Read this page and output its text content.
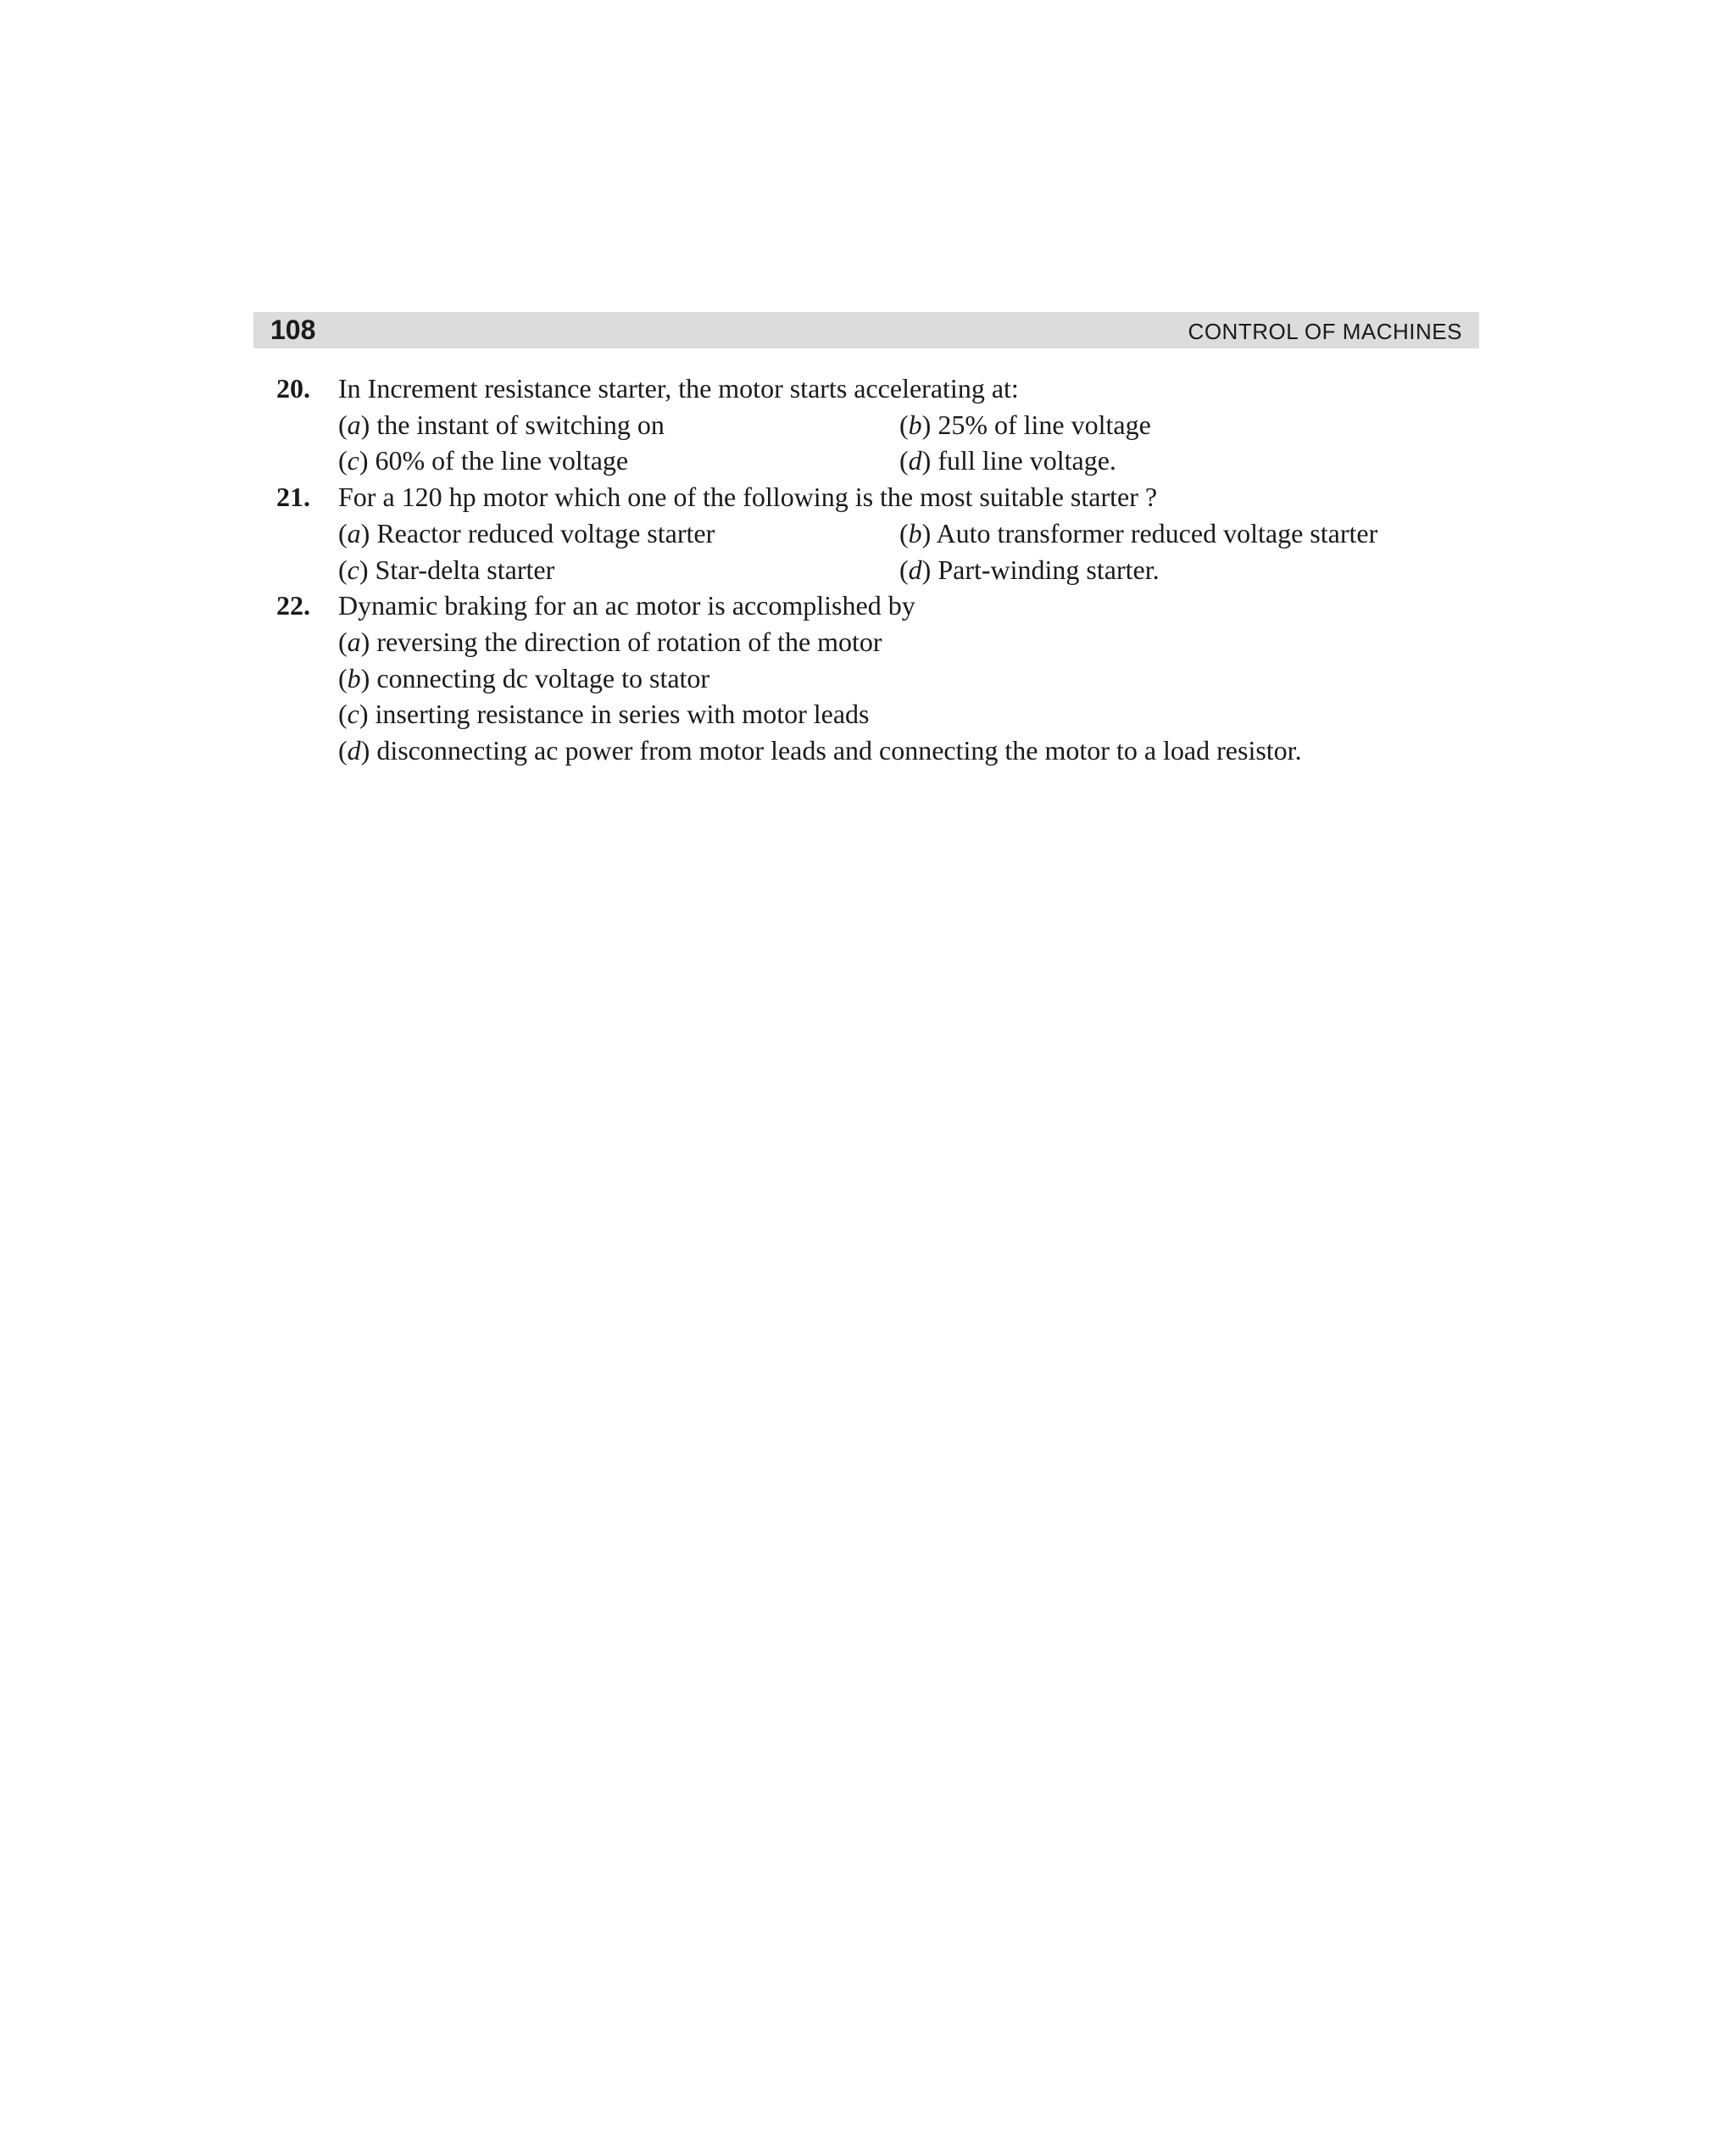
108	CONTROL OF MACHINES
20.	In Increment resistance starter, the motor starts accelerating at:
(a) the instant of switching on	(b) 25% of line voltage
(c) 60% of the line voltage	(d) full line voltage.
21.	For a 120 hp motor which one of the following is the most suitable starter ?
(a) Reactor reduced voltage starter	(b) Auto transformer reduced voltage starter
(c) Star-delta starter	(d) Part-winding starter.
22.	Dynamic braking for an ac motor is accomplished by
(a) reversing the direction of rotation of the motor
(b) connecting dc voltage to stator
(c) inserting resistance in series with motor leads
(d) disconnecting ac power from motor leads and connecting the motor to a load resistor.
